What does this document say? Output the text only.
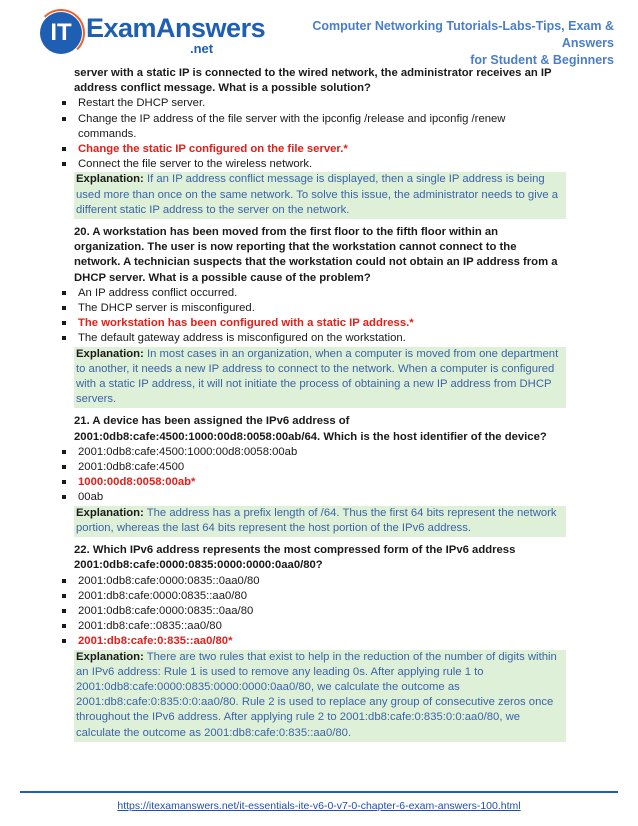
IT ExamAnswers
.net
Computer Networking Tutorials-Labs-Tips, Exam & Answers
for Student & Beginners
server with a static IP is connected to the wired network, the administrator receives an IP address conflict message. What is a possible solution?
Restart the DHCP server.
Change the IP address of the file server with the ipconfig /release and ipconfig /renew commands.
Change the static IP configured on the file server.*
Connect the file server to the wireless network.
Explanation: If an IP address conflict message is displayed, then a single IP address is being used more than once on the same network. To solve this issue, the administrator needs to give a different static IP address to the server on the network.
20. A workstation has been moved from the first floor to the fifth floor within an organization. The user is now reporting that the workstation cannot connect to the network. A technician suspects that the workstation could not obtain an IP address from a DHCP server. What is a possible cause of the problem?
An IP address conflict occurred.
The DHCP server is misconfigured.
The workstation has been configured with a static IP address.*
The default gateway address is misconfigured on the workstation.
Explanation: In most cases in an organization, when a computer is moved from one department to another, it needs a new IP address to connect to the network. When a computer is configured with a static IP address, it will not initiate the process of obtaining a new IP address from DHCP servers.
21. A device has been assigned the IPv6 address of 2001:0db8:cafe:4500:1000:00d8:0058:00ab/64. Which is the host identifier of the device?
2001:0db8:cafe:4500:1000:00d8:0058:00ab
2001:0db8:cafe:4500
1000:00d8:0058:00ab*
00ab
Explanation: The address has a prefix length of /64. Thus the first 64 bits represent the network portion, whereas the last 64 bits represent the host portion of the IPv6 address.
22. Which IPv6 address represents the most compressed form of the IPv6 address 2001:0db8:cafe:0000:0835:0000:0000:0aa0/80?
2001:0db8:cafe:0000:0835::0aa0/80
2001:db8:cafe:0000:0835::aa0/80
2001:0db8:cafe:0000:0835::0aa/80
2001:db8:cafe::0835::aa0/80
2001:db8:cafe:0:835::aa0/80*
Explanation: There are two rules that exist to help in the reduction of the number of digits within an IPv6 address: Rule 1 is used to remove any leading 0s. After applying rule 1 to 2001:0db8:cafe:0000:0835:0000:0000:0aa0/80, we calculate the outcome as 2001:db8:cafe:0:835:0:0:aa0/80. Rule 2 is used to replace any group of consecutive zeros once throughout the IPv6 address. After applying rule 2 to 2001:db8:cafe:0:835:0:0:aa0/80, we calculate the outcome as 2001:db8:cafe:0:835::aa0/80.
https://itexamanswers.net/it-essentials-ite-v6-0-v7-0-chapter-6-exam-answers-100.html
